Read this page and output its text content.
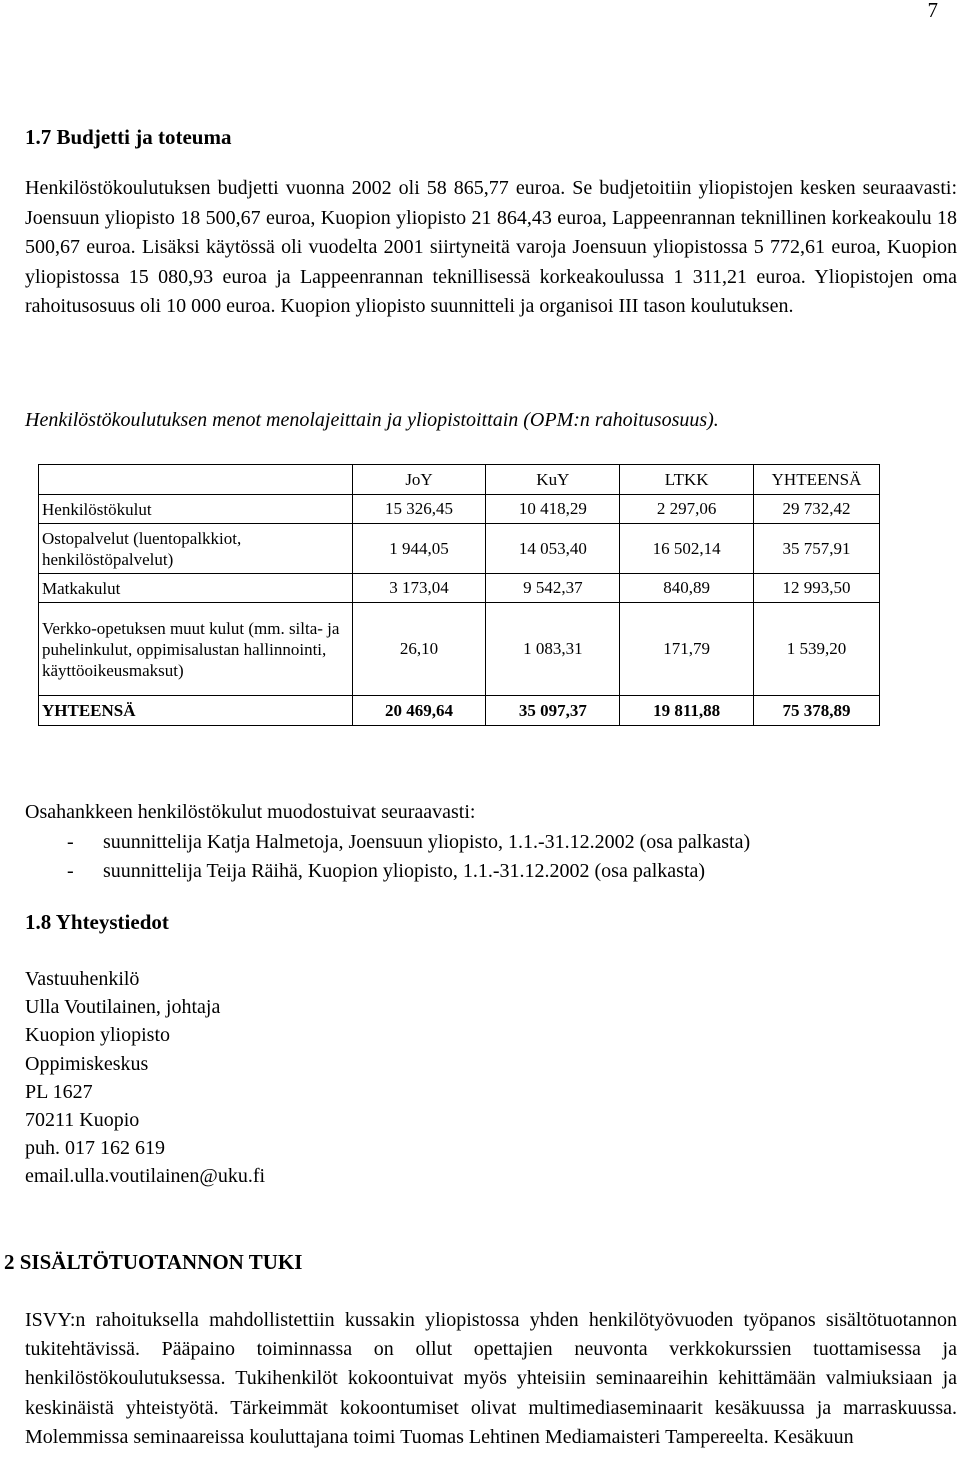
7
1.7 Budjetti ja toteuma

Henkilöstökoulutuksen budjetti vuonna 2002 oli 58 865,77 euroa. Se budjetoitiin yliopistojen kesken seuraavasti: Joensuun yliopisto 18 500,67 euroa, Kuopion yliopisto 21 864,43 euroa, Lappeenrannan teknillinen korkeakoulu 18 500,67 euroa. Lisäksi käytössä oli vuodelta 2001 siirtyneitä varoja Joensuun yliopistossa 5 772,61 euroa, Kuopion yliopistossa 15 080,93 euroa ja Lappeenrannan teknillisessä korkeakoulussa 1 311,21 euroa. Yliopistojen oma rahoitusosuus oli 10 000 euroa. Kuopion yliopisto suunnitteli ja organisoi III tason koulutuksen.

Henkilöstökoulutuksen menot menolajeittain ja yliopistoittain (OPM:n rahoitusosuus).

	JoY	KuY	LTKK	YHTEENSÄ
Henkilöstökulut	15 326,45	10 418,29	2 297,06	29 732,42
Ostopalvelut (luentopalkkiot, henkilöstöpalvelut)	1 944,05	14 053,40	16 502,14	35 757,91
Matkakulut	3 173,04	9 542,37	840,89	12 993,50
Verkko-opetuksen muut kulut (mm. silta- ja puhelinkulut, oppimisalustan hallinnointi, käyttöoikeusmaksut)	26,10	1 083,31	171,79	1 539,20
YHTEENSÄ	20 469,64	35 097,37	19 811,88	75 378,89
Osahankkeen henkilöstökulut muodostuivat seuraavasti:
- suunnittelija Katja Halmetoja, Joensuun yliopisto, 1.1.-31.12.2002 (osa palkasta)
- suunnittelija Teija Räihä, Kuopion yliopisto, 1.1.-31.12.2002 (osa palkasta)
1.8 Yhteystiedot
Vastuuhenkilö
Ulla Voutilainen, johtaja
Kuopion yliopisto
Oppimiskeskus
PL 1627
70211 Kuopio
puh. 017 162 619
email.ulla.voutilainen@uku.fi
2 SISÄLTÖTUOTANNON TUKI

ISVY:n rahoituksella mahdollistettiin kussakin yliopistossa yhden henkilötyövuoden työpanos sisältötuotannon tukitehtävissä. Pääpaino toiminnassa on ollut opettajien neuvonta verkkokurssien tuottamisessa ja henkilöstökoulutuksessa. Tukihenkilöt kokoontuivat myös yhteisiin seminaareihin kehittämään valmiuksiaan ja keskinäistä yhteistyötä. Tärkeimmät kokoontumiset olivat multimediaseminaarit kesäkuussa ja marraskuussa. Molemmissa seminaareissa kouluttajana toimi Tuomas Lehtinen Mediamaisteri Tampereelta. Kesäkuun
